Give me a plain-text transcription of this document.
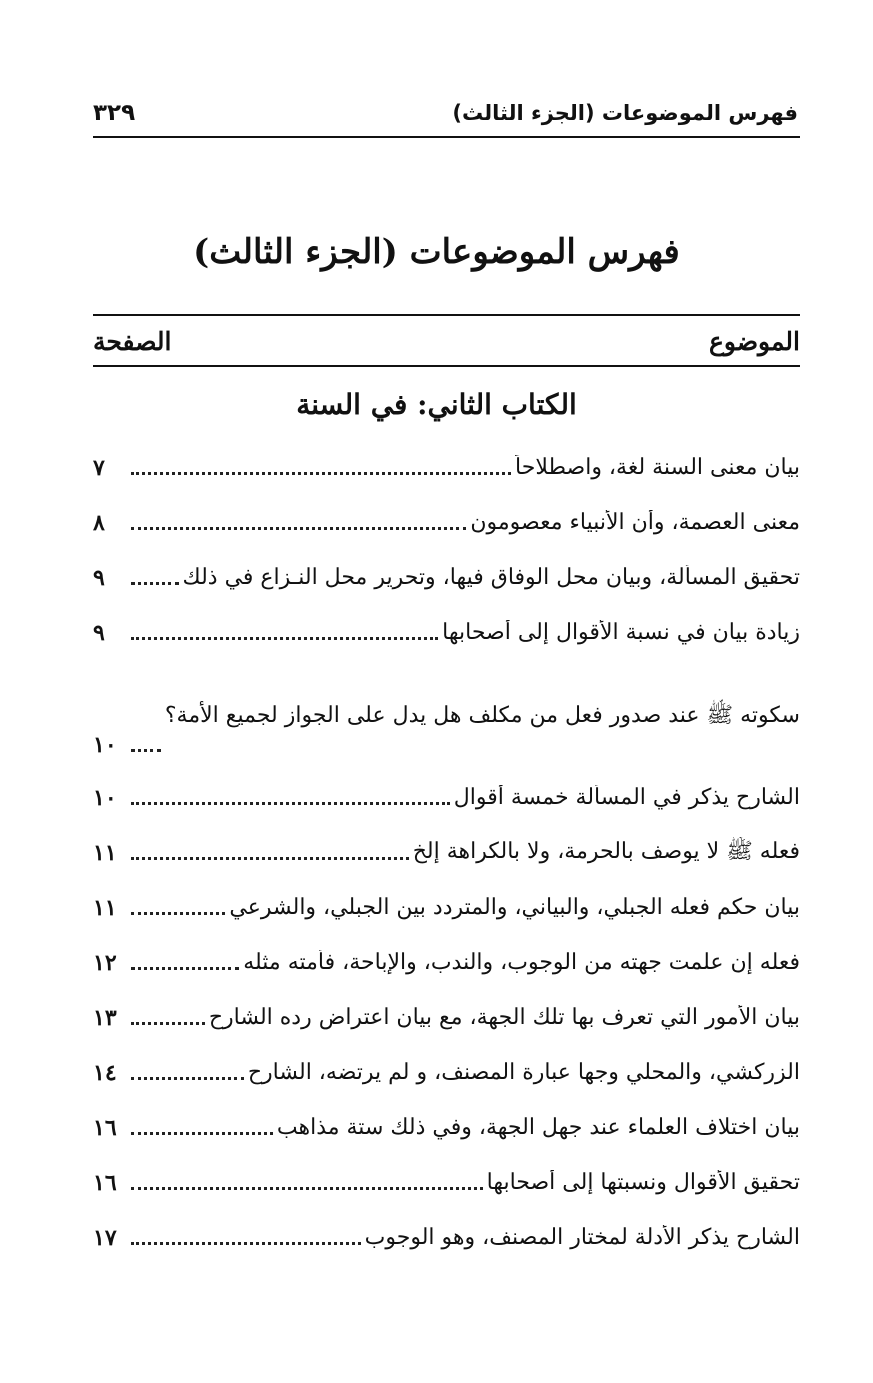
فهرس الموضوعات (الجزء الثالث)
٣٢٩
فهرس الموضوعات (الجزء الثالث)
الموضوع
الصفحة
الكتاب الثاني: في السنة
بيان معنى السنة لغة، واصطلاحاً
٧
معنى العصمة، وأن الأنبياء معصومون
٨
تحقيق المسألة، وبيان محل الوفاق فيها، وتحرير محل النـزاع في ذلك
٩
زيادة بيان في نسبة الأقوال إلى أصحابها
٩
سكوته ﷺ عند صدور فعل من مكلف هل يدل على الجواز لجميع الأمة؟
١٠
الشارح يذكر في المسألة خمسة أقوال
١٠
فعله ﷺ لا يوصف بالحرمة، ولا بالكراهة إلخ
١١
بيان حكم فعله الجبلي، والبياني، والمتردد بين الجبلي، والشرعي
١١
فعله إن علمت جهته من الوجوب، والندب، والإباحة، فأمته مثله
١٢
بيان الأمور التي تعرف بها تلك الجهة، مع بيان اعتراض رده الشارح
١٣
الزركشي، والمحلي وجها عبارة المصنف، و لم يرتضه، الشارح
١٤
بيان اختلاف العلماء عند جهل الجهة، وفي ذلك ستة مذاهب
١٦
تحقيق الأقوال ونسبتها إلى أصحابها
١٦
الشارح يذكر الأدلة لمختار المصنف، وهو الوجوب
١٧
